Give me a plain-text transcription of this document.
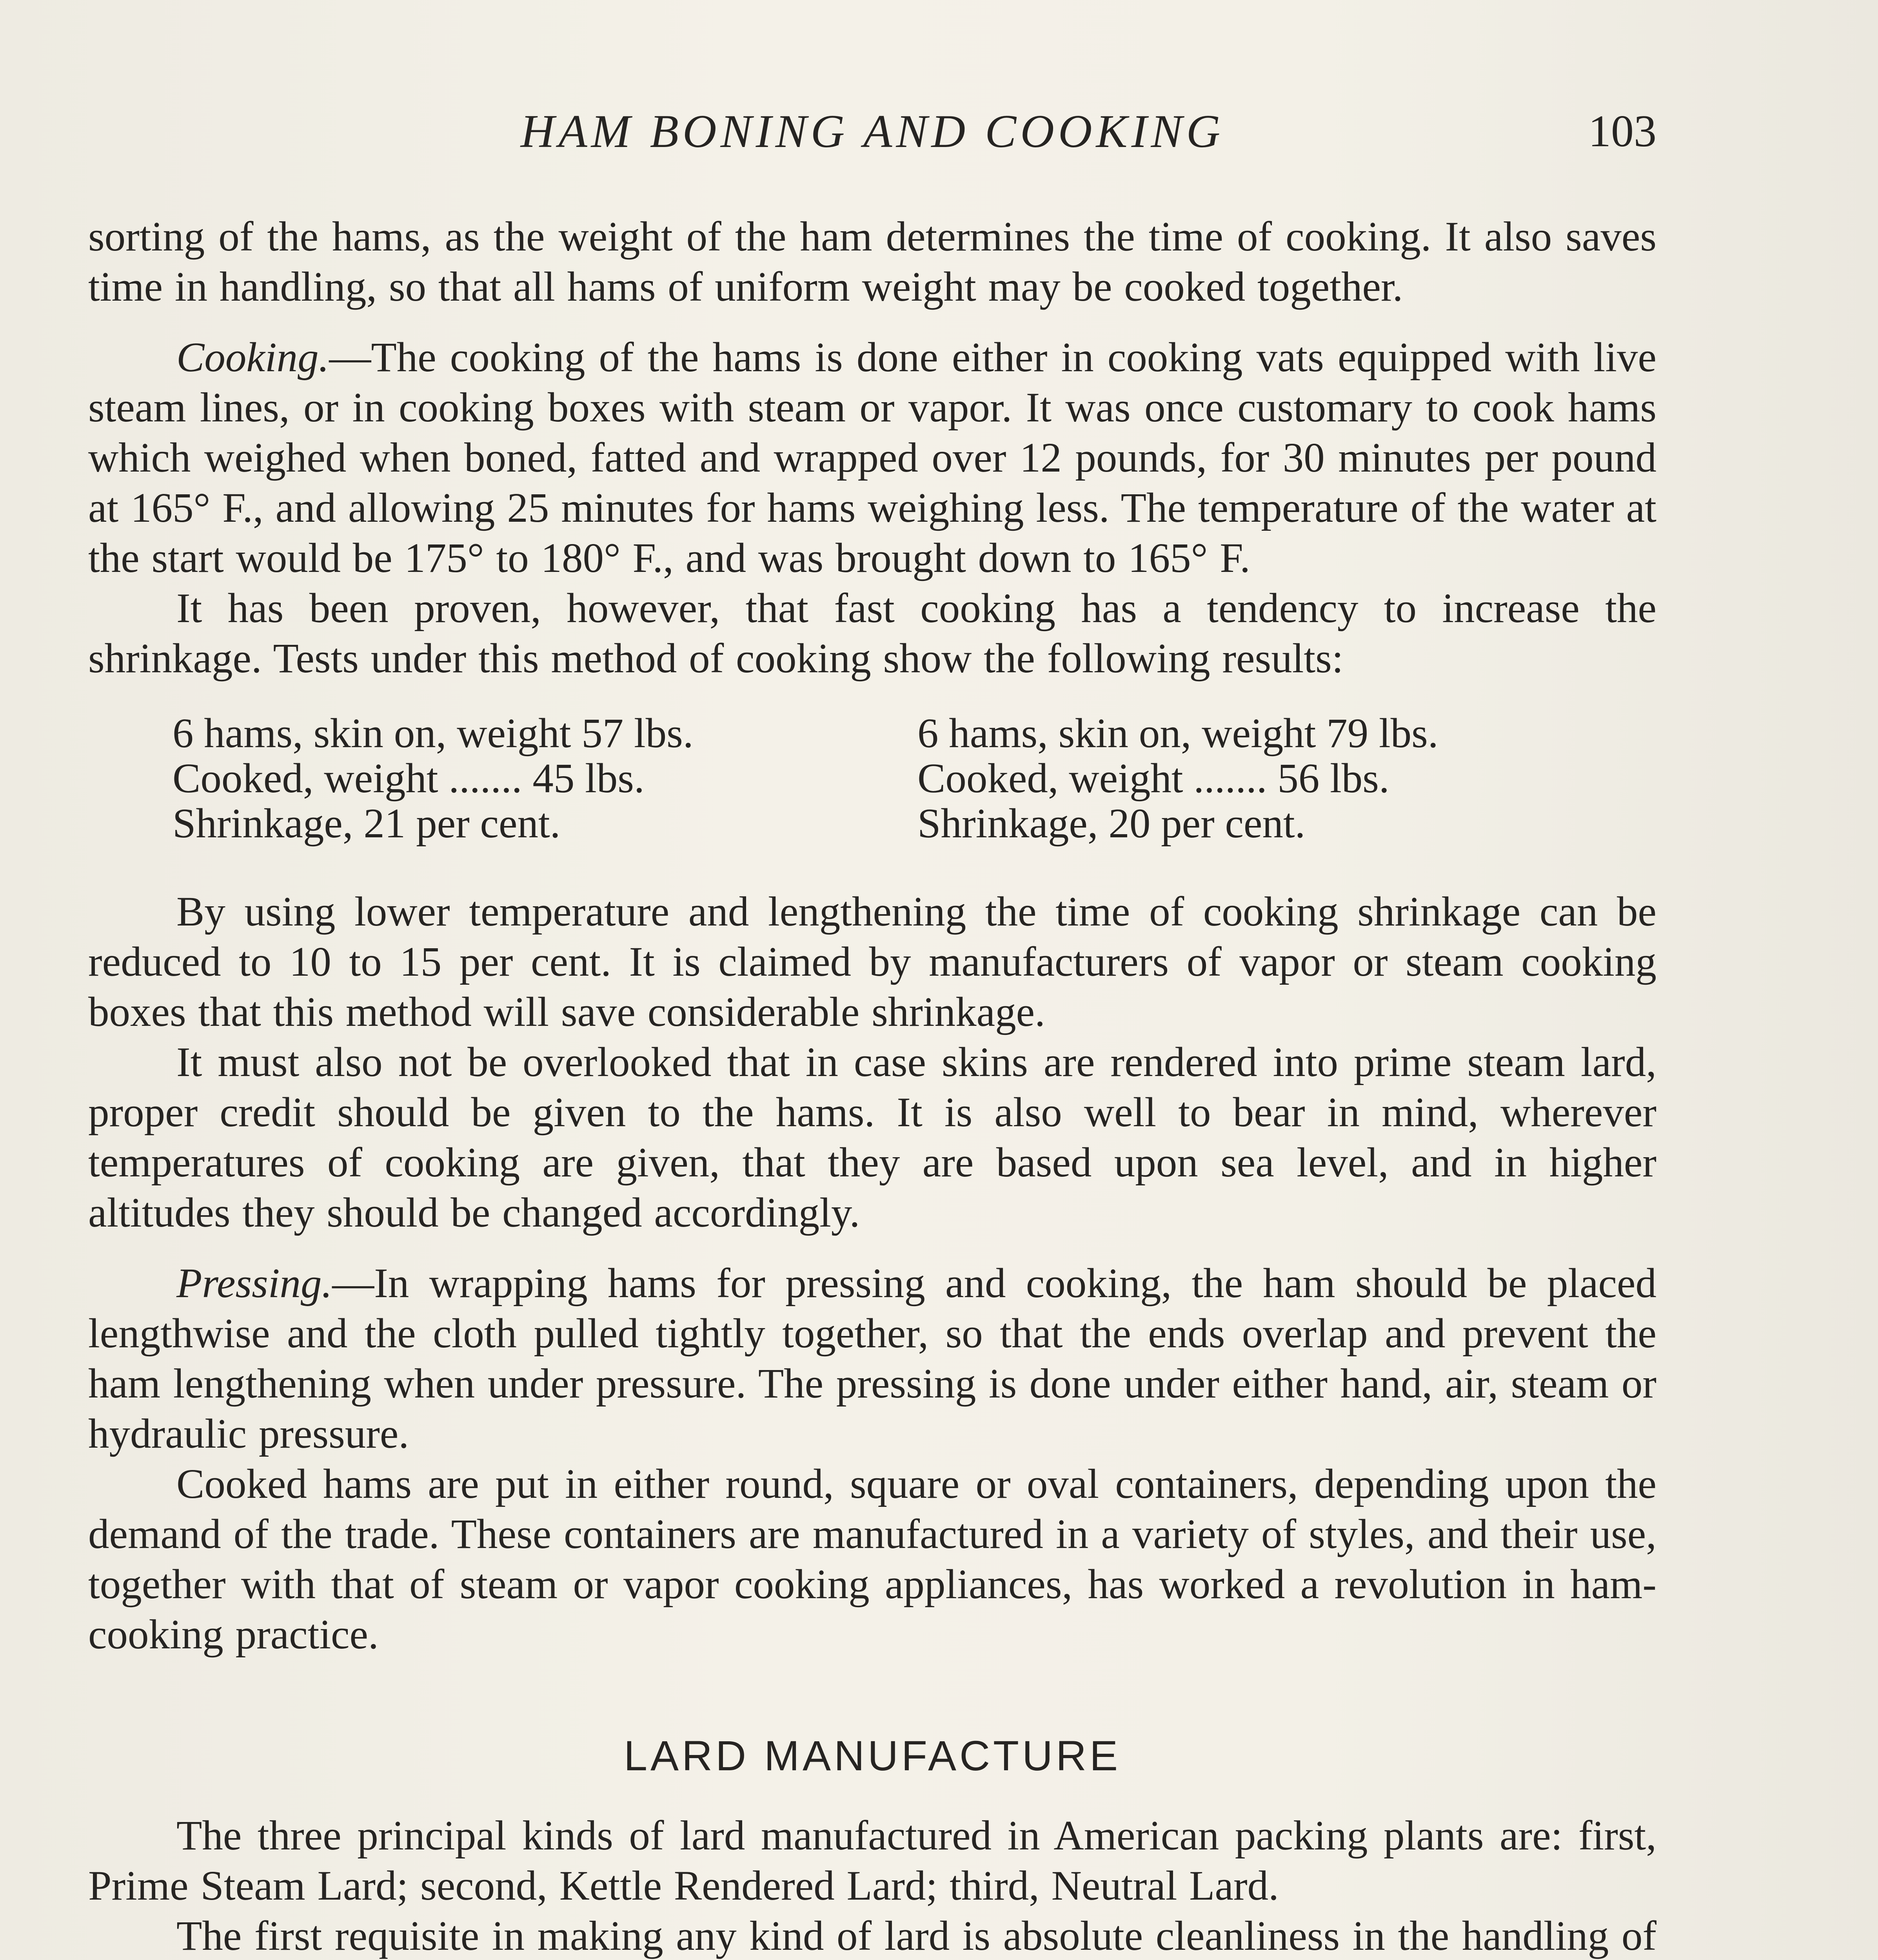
HAM BONING AND COOKING	103

sorting of the hams, as the weight of the ham determines the time of cooking. It also saves time in handling, so that all hams of uniform weight may be cooked together.

Cooking.—The cooking of the hams is done either in cooking vats equipped with live steam lines, or in cooking boxes with steam or vapor. It was once customary to cook hams which weighed when boned, fatted and wrapped over 12 pounds, for 30 minutes per pound at 165° F., and allowing 25 minutes for hams weighing less. The temperature of the water at the start would be 175° to 180° F., and was brought down to 165° F.

It has been proven, however, that fast cooking has a tendency to increase the shrinkage. Tests under this method of cooking show the following results:

6 hams, skin on, weight 57 lbs.
Cooked, weight ....... 45 lbs.
Shrinkage, 21 per cent.
6 hams, skin on, weight 79 lbs.
Cooked, weight ....... 56 lbs.
Shrinkage, 20 per cent.

By using lower temperature and lengthening the time of cooking shrinkage can be reduced to 10 to 15 per cent. It is claimed by manufacturers of vapor or steam cooking boxes that this method will save considerable shrinkage.

It must also not be overlooked that in case skins are rendered into prime steam lard, proper credit should be given to the hams. It is also well to bear in mind, wherever temperatures of cooking are given, that they are based upon sea level, and in higher altitudes they should be changed accordingly.

Pressing.—In wrapping hams for pressing and cooking, the ham should be placed lengthwise and the cloth pulled tightly together, so that the ends overlap and prevent the ham lengthening when under pressure. The pressing is done under either hand, air, steam or hydraulic pressure.

Cooked hams are put in either round, square or oval containers, depending upon the demand of the trade. These containers are manufactured in a variety of styles, and their use, together with that of steam or vapor cooking appliances, has worked a revolution in ham-cooking practice.

LARD MANUFACTURE

The three principal kinds of lard manufactured in American packing plants are: first, Prime Steam Lard; second, Kettle Rendered Lard; third, Neutral Lard.

The first requisite in making any kind of lard is absolute cleanliness in the handling of
